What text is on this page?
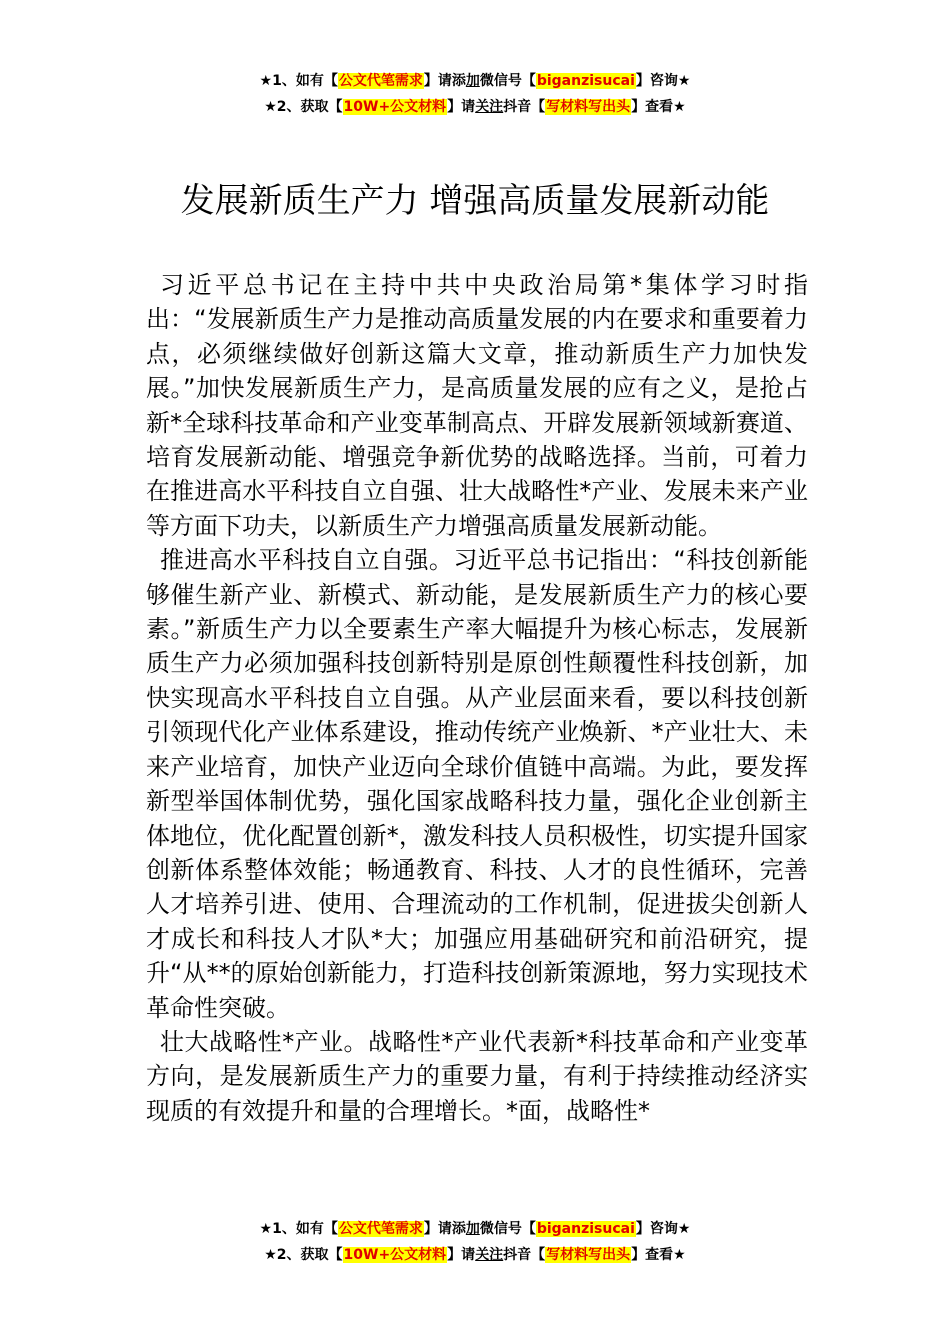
★1、如有【公文代笔需求】请添加微信号【biganzisucai】咨询★
★2、获取【10W+公文材料】请关注抖音【写材料写出头】查看★
发展新质生产力 增强高质量发展新动能

习近平总书记在主持中共中央政治局第*集体学习时指出：“发展新质生产力是推动高质量发展的内在要求和重要着力点，必须继续做好创新这篇大文章，推动新质生产力加快发展。”加快发展新质生产力，是高质量发展的应有之义，是抢占新*全球科技革命和产业变革制高点、开辟发展新领域新赛道、培育发展新动能、增强竞争新优势的战略选择。当前，可着力在推进高水平科技自立自强、壮大战略性*产业、发展未来产业等方面下功夫，以新质生产力增强高质量发展新动能。

推进高水平科技自立自强。习近平总书记指出：“科技创新能够催生新产业、新模式、新动能，是发展新质生产力的核心要素。”新质生产力以全要素生产率大幅提升为核心标志，发展新质生产力必须加强科技创新特别是原创性颠覆性科技创新，加快实现高水平科技自立自强。从产业层面来看，要以科技创新引领现代化产业体系建设，推动传统产业焕新、*产业壮大、未来产业培育，加快产业迈向全球价值链中高端。为此，要发挥新型举国体制优势，强化国家战略科技力量，强化企业创新主体地位，优化配置创新*，激发科技人员积极性，切实提升国家创新体系整体效能；畅通教育、科技、人才的良性循环，完善人才培养引进、使用、合理流动的工作机制，促进拔尖创新人才成长和科技人才队*大；加强应用基础研究和前沿研究，提升“从**的原始创新能力，打造科技创新策源地，努力实现技术革命性突破。

壮大战略性*产业。战略性*产业代表新*科技革命和产业变革方向，是发展新质生产力的重要力量，有利于持续推动经济实现质的有效提升和量的合理增长。*面，战略性*

★1、如有【公文代笔需求】请添加微信号【biganzisucai】咨询★
★2、获取【10W+公文材料】请关注抖音【写材料写出头】查看★
